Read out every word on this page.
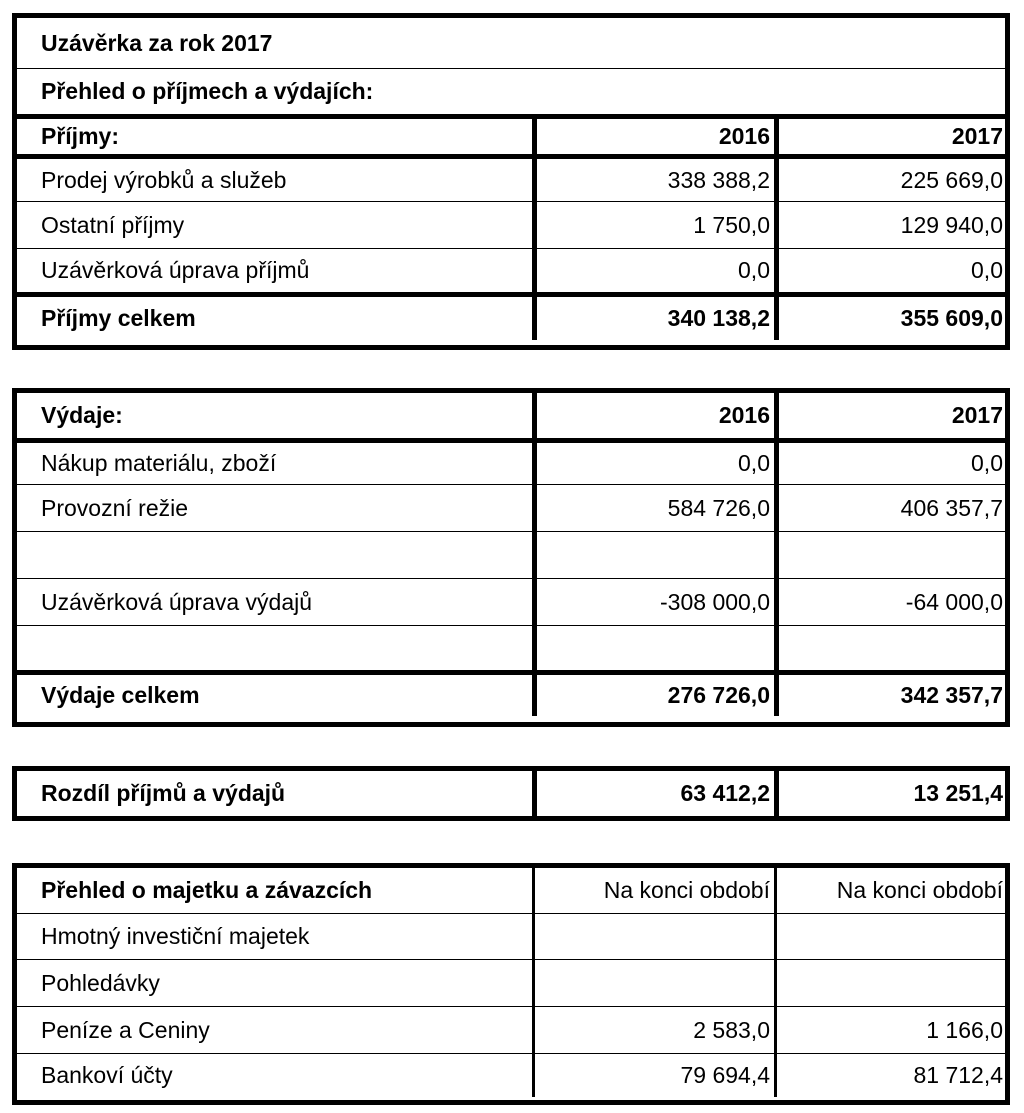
Uzávěrka za rok 2017
Přehled o příjmech a výdajích:
Příjmy:	2016	2017
Prodej výrobků a služeb	338 388,2	225 669,0
Ostatní příjmy	1 750,0	129 940,0
Uzávěrková úprava příjmů	0,0	0,0
Příjmy celkem	340 138,2	355 609,0
Výdaje:	2016	2017
Nákup materiálu, zboží	0,0	0,0
Provozní režie	584 726,0	406 357,7
Uzávěrková úprava výdajů	-308 000,0	-64 000,0
Výdaje celkem	276 726,0	342 357,7
Rozdíl příjmů a výdajů	63 412,2	13 251,4
Přehled o majetku a závazcích	Na konci období	Na konci období
Hmotný investiční majetek
Pohledávky
Peníze a Ceniny	2 583,0	1 166,0
Bankoví účty	79 694,4	81 712,4
